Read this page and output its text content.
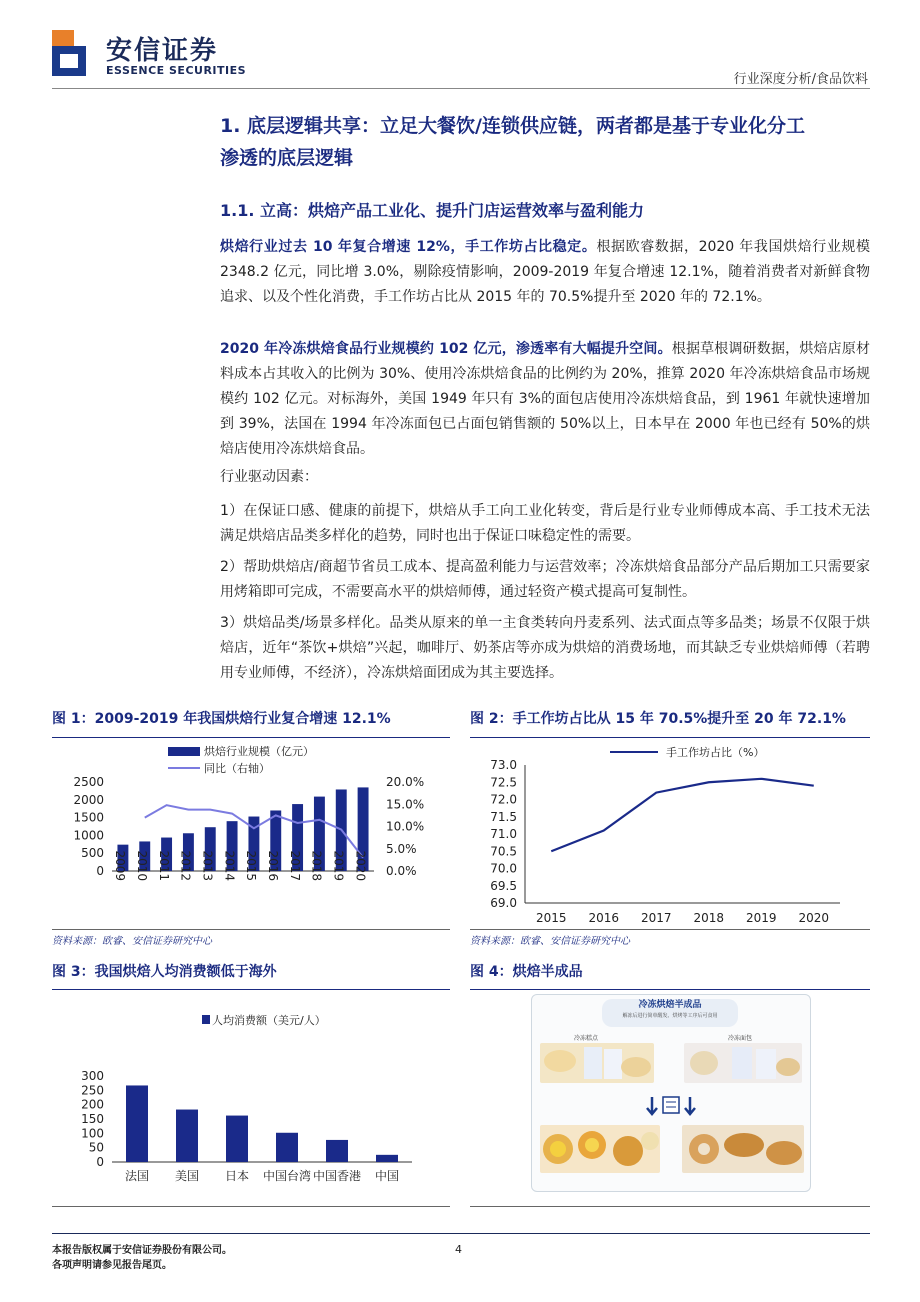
安信证券
ESSENCE SECURITIES
行业深度分析/食品饮料
1. 底层逻辑共享：立足大餐饮/连锁供应链，两者都是基于专业化分工
渗透的底层逻辑
1.1. 立高：烘焙产品工业化、提升门店运营效率与盈利能力
烘焙行业过去 10 年复合增速 12%，手工作坊占比稳定。根据欧睿数据，2020 年我国烘焙行业规模 2348.2 亿元，同比增 3.0%，剔除疫情影响，2009-2019 年复合增速 12.1%，随着消费者对新鲜食物追求、以及个性化消费，手工作坊占比从 2015 年的 70.5%提升至 2020 年的 72.1%。
2020 年冷冻烘焙食品行业规模约 102 亿元，渗透率有大幅提升空间。根据草根调研数据，烘焙店原材料成本占其收入的比例为 30%、使用冷冻烘焙食品的比例约为 20%，推算 2020 年冷冻烘焙食品市场规模约 102 亿元。对标海外，美国 1949 年只有 3%的面包店使用冷冻烘焙食品，到 1961 年就快速增加到 39%，法国在 1994 年冷冻面包已占面包销售额的 50%以上，日本早在 2000 年也已经有 50%的烘焙店使用冷冻烘焙食品。
行业驱动因素：
1）在保证口感、健康的前提下，烘焙从手工向工业化转变，背后是行业专业师傅成本高、手工技术无法满足烘焙店品类多样化的趋势，同时也出于保证口味稳定性的需要。
2）帮助烘焙店/商超节省员工成本、提高盈利能力与运营效率；冷冻烘焙食品部分产品后期加工只需要家用烤箱即可完成，不需要高水平的烘焙师傅，通过轻资产模式提高可复制性。
3）烘焙品类/场景多样化。品类从原来的单一主食类转向丹麦系列、法式面点等多品类；场景不仅限于烘焙店，近年“茶饮+烘焙”兴起，咖啡厅、奶茶店等亦成为烘焙的消费场地，而其缺乏专业烘焙师傅（若聘用专业师傅，不经济），冷冻烘焙面团成为其主要选择。
图 1：2009-2019 年我国烘焙行业复合增速 12.1%
烘焙行业规模（亿元）
同比（右轴）
0
500
1000
1500
2000
2500
0.0%
5.0%
10.0%
15.0%
20.0%
2009 2010 2011 2012 2013 2014 2015 2016 2017 2018 2019 2020
资料来源：欧睿、安信证券研究中心
图 2：手工作坊占比从 15 年 70.5%提升至 20 年 72.1%
手工作坊占比（%）
69.0
69.5
70.0
70.5
71.0
71.5
72.0
72.5
73.0
2015 2016 2017 2018 2019 2020
资料来源：欧睿、安信证券研究中心
图 3：我国烘焙人均消费额低于海外
人均消费额（美元/人）
0
50
100
150
200
250
300
法国 美国 日本 中国台湾 中国香港 中国
图 4：烘焙半成品
冷冻烘焙半成品
解冻后进行简单醒发、烘烤等工序后可食用
冷冻糕点	冷冻面包
本报告版权属于安信证券股份有限公司。
各项声明请参见报告尾页。
4
